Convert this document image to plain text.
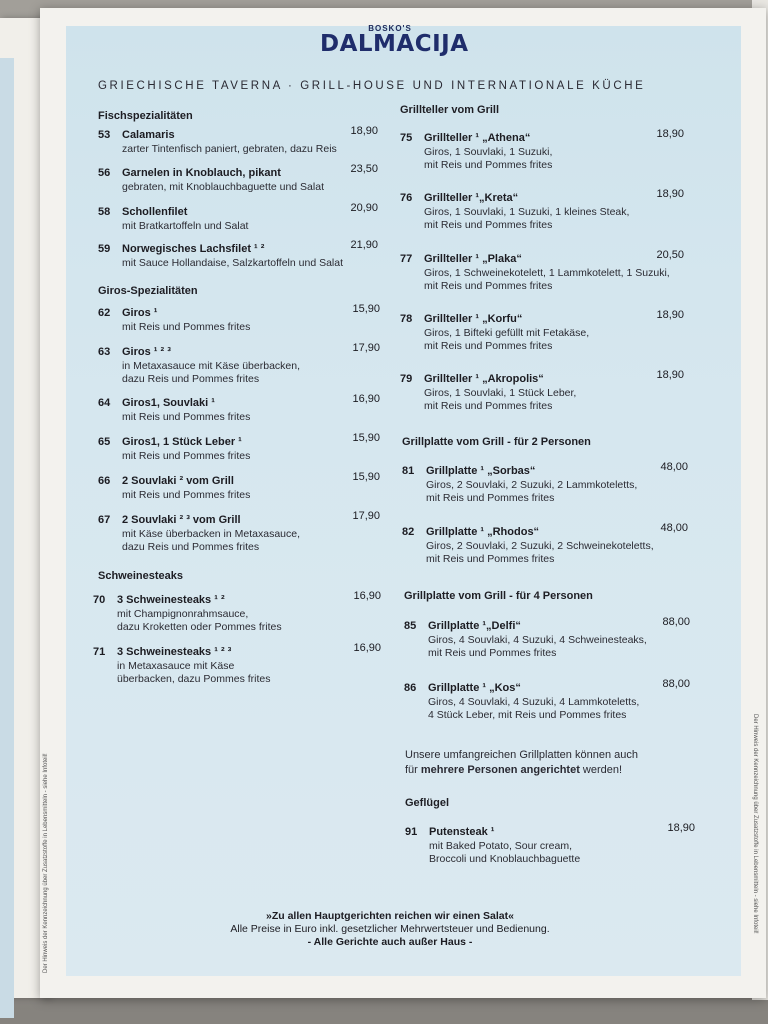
Der Hinweis der Kennzeichnung über Zusatzstoffe in Lebensmitteln - siehe Infoteil!	Der Hinweis der Kennzeichnung über Zusatzstoffe in Lebensmitteln - siehe Infoteil!
BOSKO'S
DALMACIJA
GRIECHISCHE TAVERNA · GRILL-HOUSE UND INTERNATIONALE KÜCHE
Fischspezialitäten
53	Calamaris	18,90
zarter Tintenfisch paniert, gebraten, dazu Reis
56	Garnelen in Knoblauch, pikant	23,50
gebraten, mit Knoblauchbaguette und Salat
58	Schollenfilet	20,90
mit Bratkartoffeln und Salat
59	Norwegisches Lachsfilet ¹ ²	21,90
mit Sauce Hollandaise, Salzkartoffeln und Salat
Giros-Spezialitäten
62	Giros ¹	15,90
mit Reis und Pommes frites
63	Giros ¹ ² ³	17,90
in Metaxasauce mit Käse überbacken,
dazu Reis und Pommes frites
64	Giros1, Souvlaki ¹	16,90
mit Reis und Pommes frites
65	Giros1, 1 Stück Leber ¹	15,90
mit Reis und Pommes frites
66	2 Souvlaki ² vom Grill	15,90
mit Reis und Pommes frites
67	2 Souvlaki ² ³ vom Grill	17,90
mit Käse überbacken in Metaxasauce,
dazu Reis und Pommes frites
Schweinesteaks
70	3 Schweinesteaks ¹ ²	16,90
mit Champignonrahmsauce,
dazu Kroketten oder Pommes frites
71	3 Schweinesteaks ¹ ² ³	16,90
in Metaxasauce mit Käse
überbacken, dazu Pommes frites
Grillteller vom Grill
75	Grillteller ¹ „Athena“	18,90
Giros, 1 Souvlaki, 1 Suzuki,
mit Reis und Pommes frites
76	Grillteller ¹„Kreta“	18,90
Giros, 1 Souvlaki, 1 Suzuki, 1 kleines Steak,
mit Reis und Pommes frites
77	Grillteller ¹ „Plaka“	20,50
Giros, 1 Schweinekotelett, 1 Lammkotelett, 1 Suzuki,
mit Reis und Pommes frites
78	Grillteller ¹ „Korfu“	18,90
Giros, 1 Bifteki gefüllt mit Fetakäse,
mit Reis und Pommes frites
79	Grillteller ¹ „Akropolis“	18,90
Giros, 1 Souvlaki, 1 Stück Leber,
mit Reis und Pommes frites
Grillplatte vom Grill - für 2 Personen
81	Grillplatte ¹ „Sorbas“	48,00
Giros, 2 Souvlaki, 2 Suzuki, 2 Lammkoteletts,
mit Reis und Pommes frites
82	Grillplatte ¹ „Rhodos“	48,00
Giros, 2 Souvlaki, 2 Suzuki, 2 Schweinekoteletts,
mit Reis und Pommes frites
Grillplatte vom Grill - für 4 Personen
85	Grillplatte ¹„Delfi“	88,00
Giros, 4 Souvlaki, 4 Suzuki, 4 Schweinesteaks,
mit Reis und Pommes frites
86	Grillplatte ¹ „Kos“	88,00
Giros, 4 Souvlaki, 4 Suzuki, 4 Lammkoteletts,
4 Stück Leber, mit Reis und Pommes frites
Unsere umfangreichen Grillplatten können auch
für mehrere Personen angerichtet werden!
Geflügel
91	Putensteak ¹	18,90
mit Baked Potato, Sour cream,
Broccoli und Knoblauchbaguette
»Zu allen Hauptgerichten reichen wir einen Salat«
Alle Preise in Euro inkl. gesetzlicher Mehrwertsteuer und Bedienung.
- Alle Gerichte auch außer Haus -
